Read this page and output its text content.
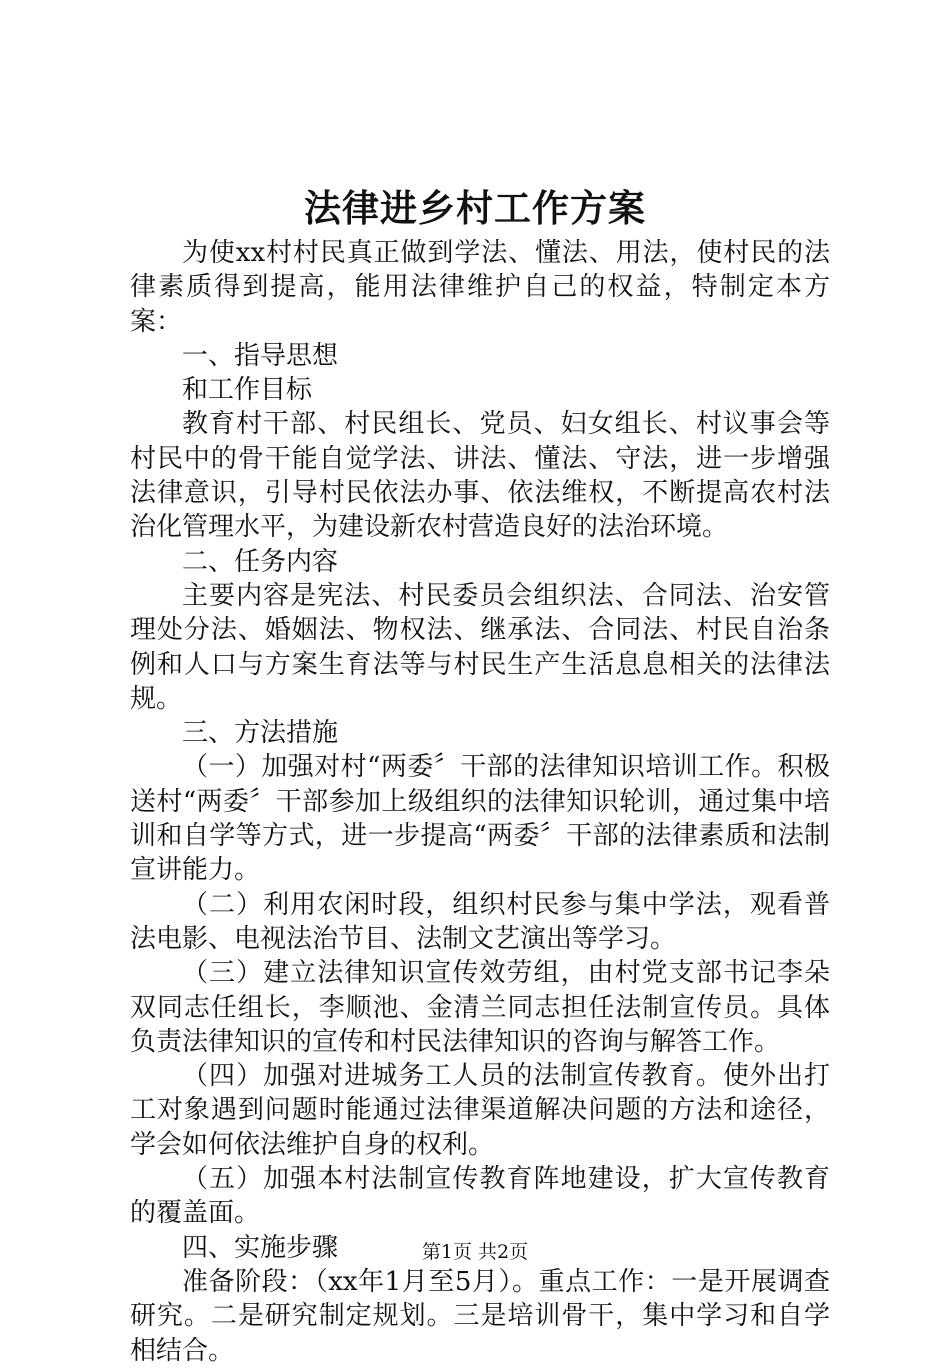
法律进乡村工作方案

为使xx村村民真正做到学法、懂法、用法，使村民的法律素质得到提高，能用法律维护自己的权益，特制定本方案：

一、指导思想

和工作目标

教育村干部、村民组长、党员、妇女组长、村议事会等村民中的骨干能自觉学法、讲法、懂法、守法，进一步增强法律意识，引导村民依法办事、依法维权，不断提高农村法治化管理水平，为建设新农村营造良好的法治环境。

二、任务内容

主要内容是宪法、村民委员会组织法、合同法、治安管理处分法、婚姻法、物权法、继承法、合同法、村民自治条例和人口与方案生育法等与村民生产生活息息相关的法律法规。

三、方法措施

（一）加强对村“两委〞干部的法律知识培训工作。积极送村“两委〞干部参加上级组织的法律知识轮训，通过集中培训和自学等方式，进一步提高“两委〞干部的法律素质和法制宣讲能力。

（二）利用农闲时段，组织村民参与集中学法，观看普法电影、电视法治节目、法制文艺演出等学习。

（三）建立法律知识宣传效劳组，由村党支部书记李朵双同志任组长，李顺池、金清兰同志担任法制宣传员。具体负责法律知识的宣传和村民法律知识的咨询与解答工作。

（四）加强对进城务工人员的法制宣传教育。使外出打工对象遇到问题时能通过法律渠道解决问题的方法和途径，学会如何依法维护自身的权利。

（五）加强本村法制宣传教育阵地建设，扩大宣传教育的覆盖面。

四、实施步骤

准备阶段：（xx年1月至5月）。重点工作：一是开展调查研究。二是研究制定规划。三是培训骨干，集中学习和自学相结合。

第1页 共2页
